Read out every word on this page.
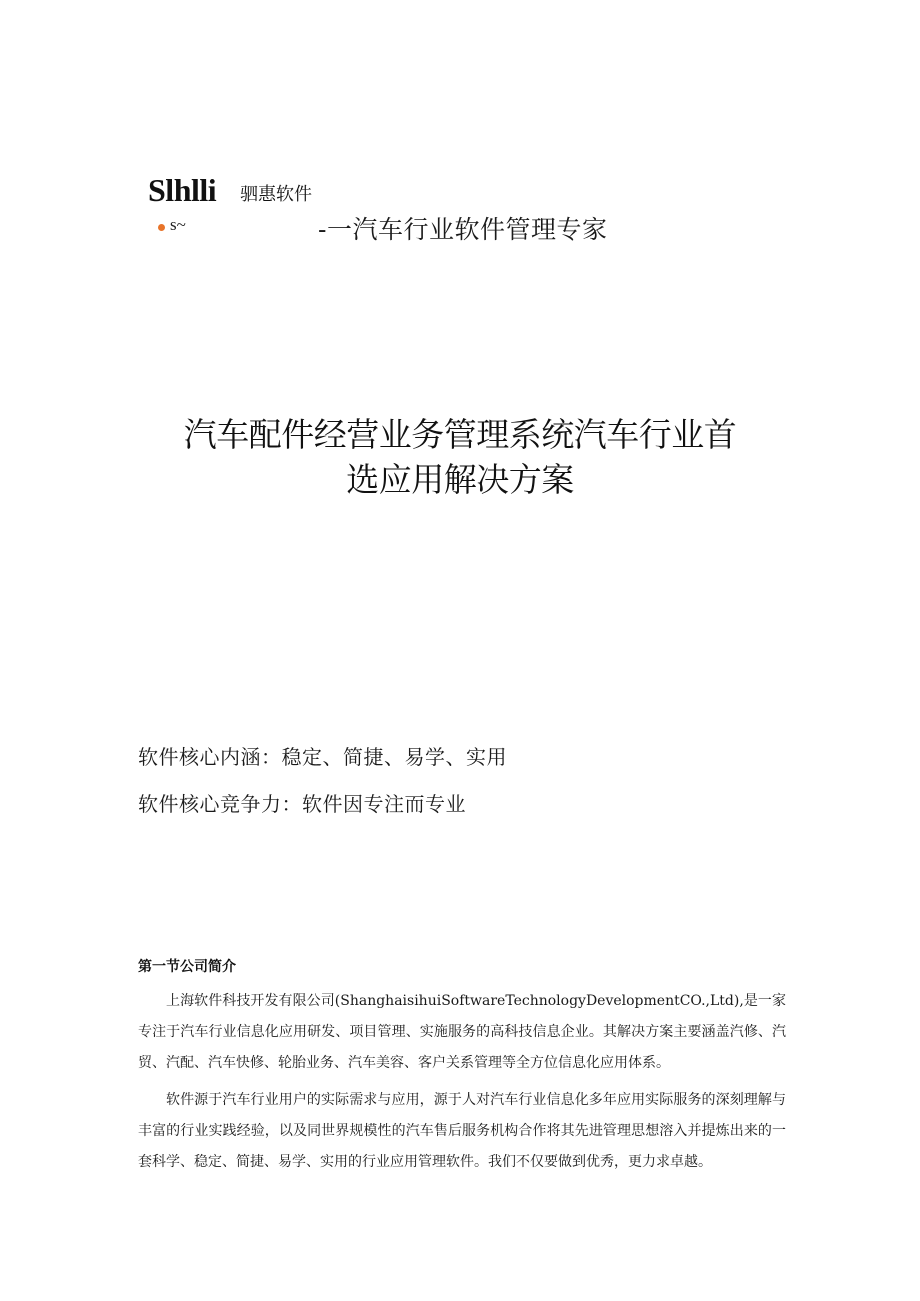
Slhlli 驷惠软件
s~	-一汽车行业软件管理专家
汽车配件经营业务管理系统汽车行业首
选应用解决方案
软件核心内涵：稳定、简捷、易学、实用
软件核心竞争力：软件因专注而专业
第一节公司简介

上海软件科技开发有限公司(ShanghaisihuiSoftwareTechnologyDevelopmentCO.,Ltd),是一家专注于汽车行业信息化应用研发、项目管理、实施服务的高科技信息企业。其解决方案主要涵盖汽修、汽贸、汽配、汽车快修、轮胎业务、汽车美容、客户关系管理等全方位信息化应用体系。

软件源于汽车行业用户的实际需求与应用，源于人对汽车行业信息化多年应用实际服务的深刻理解与丰富的行业实践经验，以及同世界规模性的汽车售后服务机构合作将其先进管理思想溶入并提炼出来的一套科学、稳定、简捷、易学、实用的行业应用管理软件。我们不仅要做到优秀，更力求卓越。
